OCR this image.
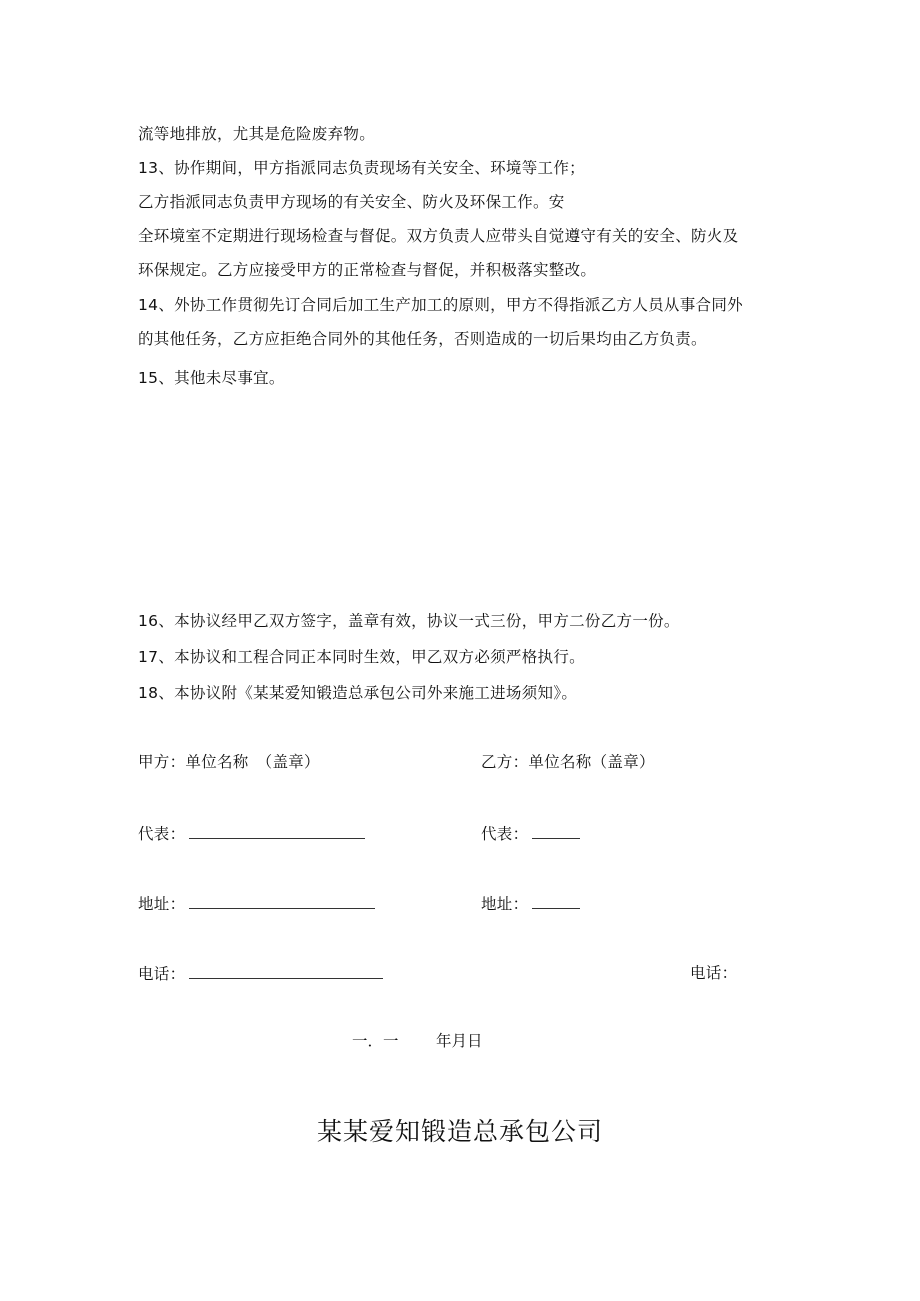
流等地排放，尤其是危险废弃物。
13、协作期间，甲方指派同志负责现场有关安全、环境等工作；
乙方指派同志负责甲方现场的有关安全、防火及环保工作。安
全环境室不定期进行现场检查与督促。双方负责人应带头自觉遵守有关的安全、防火及
环保规定。乙方应接受甲方的正常检查与督促，并积极落实整改。
14、外协工作贯彻先订合同后加工生产加工的原则，甲方不得指派乙方人员从事合同外
的其他任务，乙方应拒绝合同外的其他任务，否则造成的一切后果均由乙方负责。
15、其他未尽事宜。
16、本协议经甲乙双方签字，盖章有效，协议一式三份，甲方二份乙方一份。
17、本协议和工程合同正本同时生效，甲乙双方必须严格执行。
18、本协议附《某某爱知锻造总承包公司外来施工进场须知》。
甲方：单位名称　（盖章）
代表：
地址：
电话：
乙方：单位名称（盖章）
代表：
地址：
电话：
一．一 年月日
某某爱知锻造总承包公司
